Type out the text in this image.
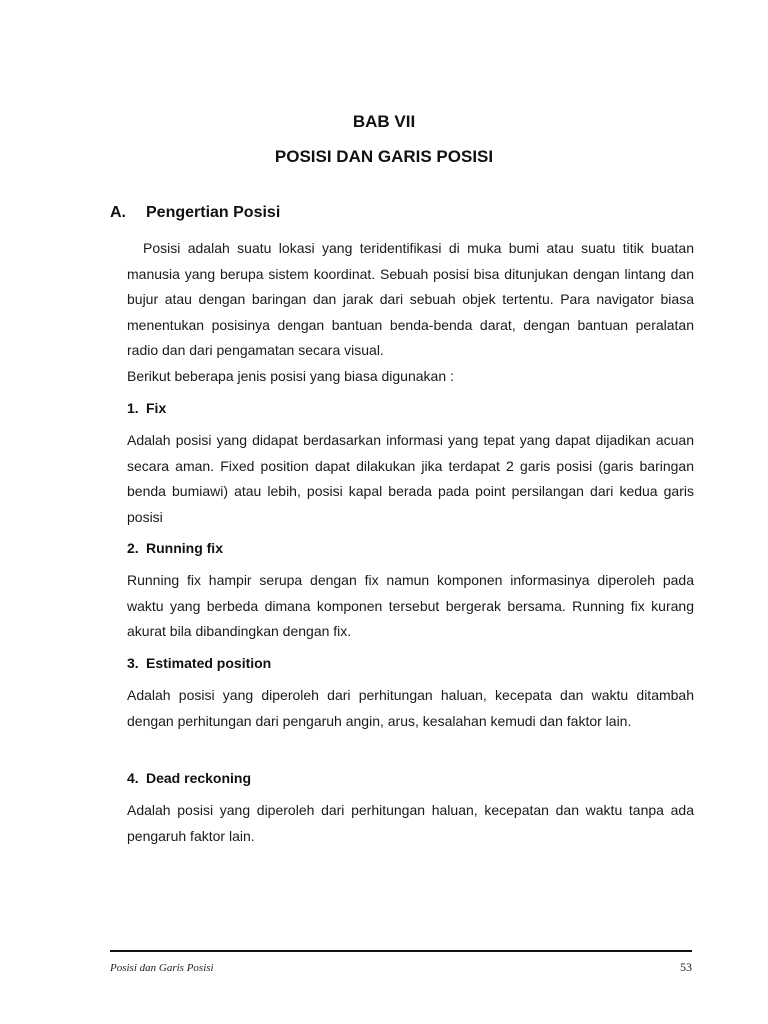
BAB VII
POSISI DAN GARIS POSISI
A. Pengertian Posisi

Posisi adalah suatu lokasi yang teridentifikasi di muka bumi atau suatu titik buatan manusia yang berupa sistem koordinat. Sebuah posisi bisa ditunjukan dengan lintang dan bujur atau dengan baringan dan jarak dari sebuah objek tertentu. Para navigator biasa menentukan posisinya dengan bantuan benda-benda darat, dengan bantuan peralatan radio dan dari pengamatan secara visual.
Berikut beberapa jenis posisi yang biasa digunakan :

1. Fix

Adalah posisi yang didapat berdasarkan informasi yang tepat yang dapat dijadikan acuan secara aman. Fixed position dapat dilakukan jika terdapat 2 garis posisi (garis baringan benda bumiawi) atau lebih, posisi kapal berada pada point persilangan dari kedua garis posisi

2. Running fix

Running fix hampir serupa dengan fix namun komponen informasinya diperoleh pada waktu yang berbeda dimana komponen tersebut bergerak bersama. Running fix kurang akurat bila dibandingkan dengan fix.

3. Estimated position

Adalah posisi yang diperoleh dari perhitungan haluan, kecepata dan waktu ditambah dengan perhitungan dari pengaruh angin, arus, kesalahan kemudi dan faktor lain.

4. Dead reckoning

Adalah posisi yang diperoleh dari perhitungan haluan, kecepatan dan waktu tanpa ada pengaruh faktor lain.

Posisi dan Garis Posisi	53
